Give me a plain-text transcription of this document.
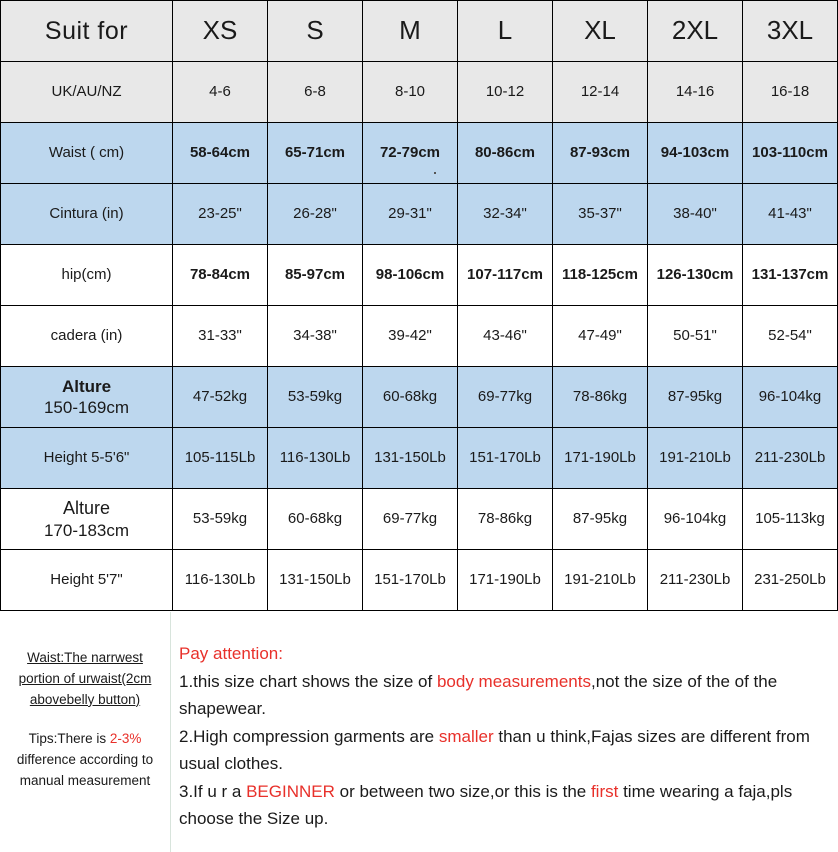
Suit for	XS	S	M	L	XL	2XL	3XL
UK/AU/NZ	4-6	6-8	8-10	10-12	12-14	14-16	16-18
Waist ( cm)	58-64cm	65-71cm	72-79cm	80-86cm	87-93cm	94-103cm	103-110cm
Cintura (in)	23-25"	26-28"	29-31"	32-34"	35-37"	38-40"	41-43"
hip(cm)	78-84cm	85-97cm	98-106cm	107-117cm	118-125cm	126-130cm	131-137cm
cadera (in)	31-33"	34-38"	39-42"	43-46"	47-49"	50-51"	52-54"

Alture
150-169cm	47-52kg	53-59kg	60-68kg	69-77kg	78-86kg	87-95kg	96-104kg
Height 5-5'6"	105-115Lb	116-130Lb	131-150Lb	151-170Lb	171-190Lb	191-210Lb	211-230Lb

Alture
170-183cm	53-59kg	60-68kg	69-77kg	78-86kg	87-95kg	96-104kg	105-113kg
Height 5'7"	116-130Lb	131-150Lb	151-170Lb	171-190Lb	191-210Lb	211-230Lb	231-250Lb
Waist:The narrwest portion of urwaist(2cm abovebelly button)
Tips:There is 2-3% difference according to manual measurement
Pay attention:
1.this size chart shows the size of body measurements,not the size of the of the shapewear.
2.High compression garments are smaller than u think,Fajas sizes are different from usual clothes.
3.If u r a BEGINNER or between two size,or this is the first time wearing a faja,pls choose the Size up.
